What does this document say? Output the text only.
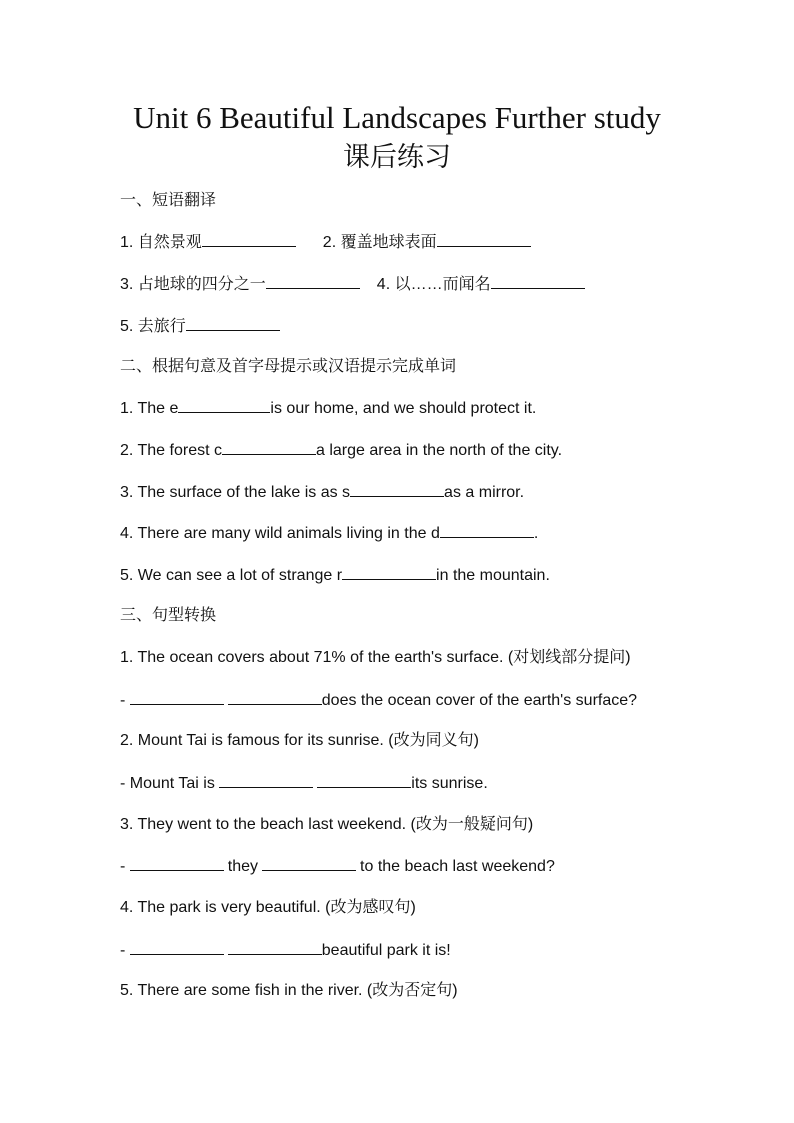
Unit 6 Beautiful Landscapes Further study
课后练习
一、短语翻译
1. 自然景观	2. 覆盖地球表面
3. 占地球的四分之一	4. 以……而闻名
5. 去旅行
二、根据句意及首字母提示或汉语提示完成单词
1. The e	is our home, and we should protect it.
2. The forest c	a large area in the north of the city.
3. The surface of the lake is as s	as a mirror.
4. There are many wild animals living in the d	.
5. We can see a lot of strange r	in the mountain.
三、句型转换
1. The ocean covers about 71% of the earth's surface. (对划线部分提问)
-	does the ocean cover of the earth's surface?
2. Mount Tai is famous for its sunrise. (改为同义句)
- Mount Tai is	its sunrise.
3. They went to the beach last weekend. (改为一般疑问句)
-	they	to the beach last weekend?
4. The park is very beautiful. (改为感叹句)
-	beautiful park it is!
5. There are some fish in the river. (改为否定句)
